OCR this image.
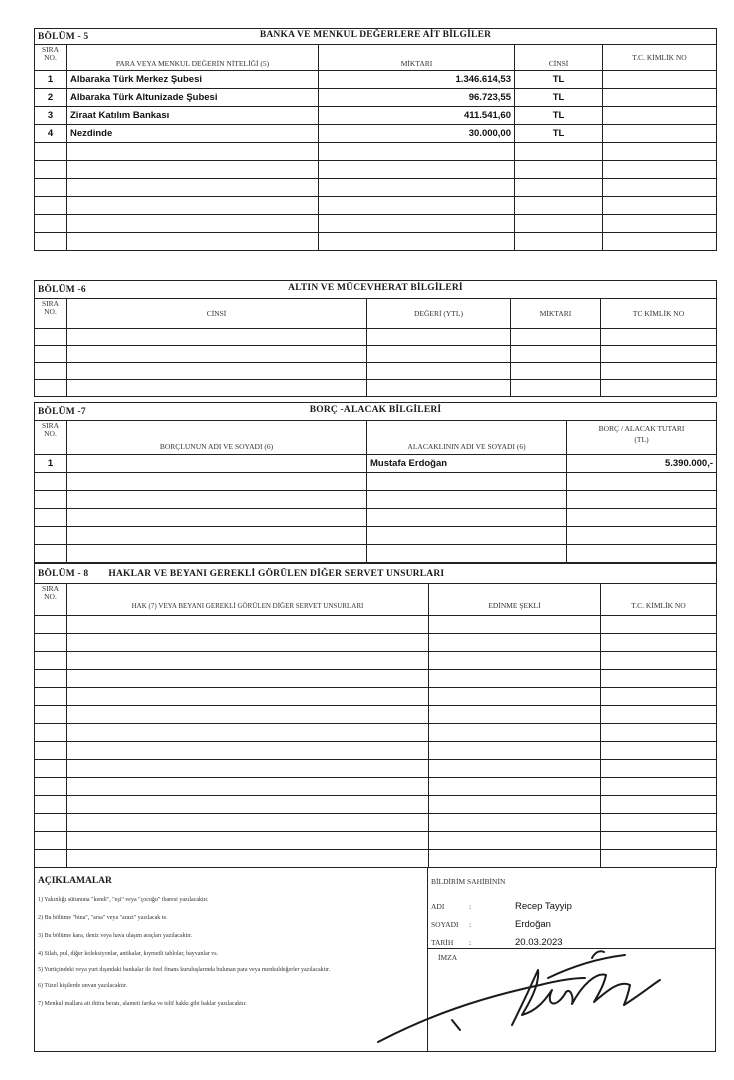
BÖLÜM - 5 BANKA VE MENKUL DEĞERLERE AİT BİLGİLER				

SIRA
NO.	PARA VEYA MENKUL DEĞERİN NİTELİĞİ (5)	MİKTARI	CİNSİ	T.C. KİMLİK NO
1	Albaraka Türk Merkez Şubesi	1.346.614,53	TL	
2	Albaraka Türk Altunizade Şubesi	96.723,55	TL	
3	Ziraat Katılım Bankası	411.541,60	TL	
4	Nezdinde	30.000,00	TL	

BÖLÜM -6 ALTIN VE MÜCEVHERAT BİLGİLERİ				

SIRA
NO.	CİNSİ	DEĞERİ (YTL)	MİKTARI	TC KİMLİK NO

BÖLÜM -7 BORÇ -ALACAK BİLGİLERİ			

SIRA
NO.	BORÇLUNUN ADI VE SOYADI (6)	ALACAKLININ ADI VE SOYADI (6)	BORÇ / ALACAK TUTARI
(TL)
1		Mustafa Erdoğan	5.390.000,-

BÖLÜM - 8 HAKLAR VE BEYANI GEREKLİ GÖRÜLEN DİĞER SERVET UNSURLARI			
SIRA
NO.	HAK (7) VEYA BEYANI GEREKLİ GÖRÜLEN DİĞER SERVET UNSURLARI	EDİNME ŞEKLİ	T.C. KİMLİK NO

AÇIKLAMALAR

1) Yakınlığı sütununa "kendi", "eşi" veya "çocuğu" ibaresi yazılacaktır.

2) Bu bölüme "bina", "arsa" veya "arazi" yazılacak te.

3) Bu bölüme kara, deniz veya hava ulaşım araçları yazılacaktır.

4) Silah, pul, diğer koleksiyonlar, antikalar, kıymetli tablolar, hayvanlar vs.

5) Yurtiçindeki veya yurt dışındaki bankalar ile özel finans kuruluşlarında bulunan para veya menkuldeğerler yazılacaktır.

6) Tüzel kişilerde unvan yazılacaktır.

7) Menkul mallara ait ihtira beratı, alameti farika ve telif hakkı gibi haklar yazılacaktır.

BİLDİRİM SAHİBİNİN
ADI	:	Recep Tayyip
SOYADI :	Erdoğan
TARİH :	20.03.2023
İMZA
